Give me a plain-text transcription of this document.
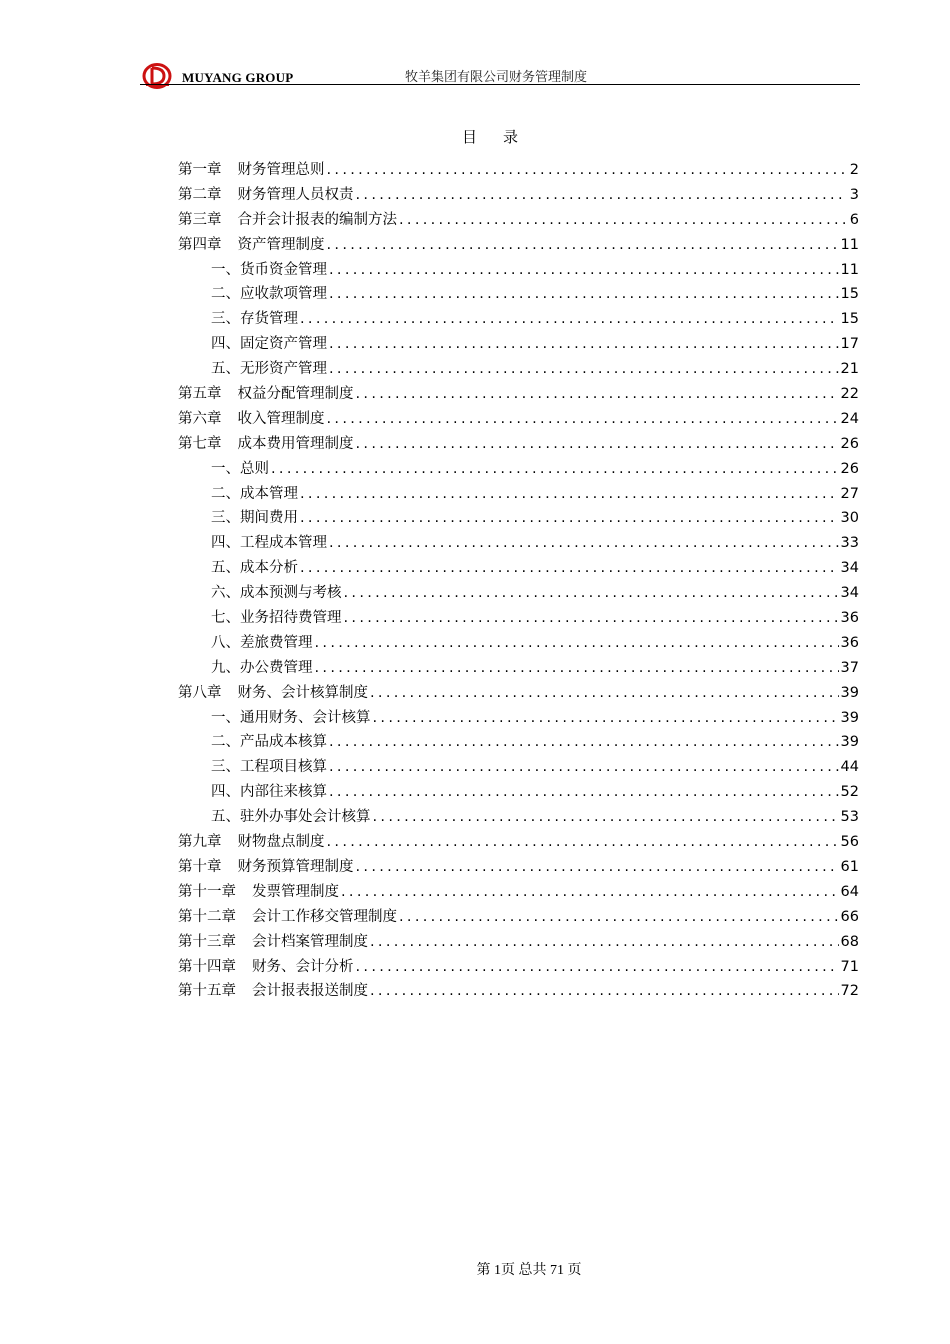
MUYANG GROUP	牧羊集团有限公司财务管理制度
目录
第一章 财务管理总则 .....	2
第二章 财务管理人员权责 .....	3
第三章 合并会计报表的编制方法 .....	6
第四章 资产管理制度 .....	11
一、 货币资金管理 .....	11
二、 应收款项管理 .....	15
三、 存货管理 .....	15
四、 固定资产管理 .....	17
五、 无形资产管理 .....	21
第五章 权益分配管理制度 .....	22
第六章 收入管理制度 .....	24
第七章 成本费用管理制度 .....	26
一、 总则 .....	26
二、 成本管理 .....	27
三、 期间费用 .....	30
四、 工程成本管理 .....	33
五、 成本分析 .....	34
六、 成本预测与考核 .....	34
七、 业务招待费管理 .....	36
八、 差旅费管理 .....	36
九、 办公费管理 .....	37
第八章 财务、会计核算制度 .....	39
一、 通用财务、会计核算 .....	39
二、 产品成本核算 .....	39
三、 工程项目核算 .....	44
四、 内部往来核算 .....	52
五、 驻外办事处会计核算 .....	53
第九章 财物盘点制度 .....	56
第十章 财务预算管理制度 .....	61
第十一章 发票管理制度 .....	64
第十二章 会计工作移交管理制度 .....	66
第十三章 会计档案管理制度 .....	68
第十四章 财务、会计分析 .....	71
第十五章 会计报表报送制度 .....	72
第 1页 总共 71 页
